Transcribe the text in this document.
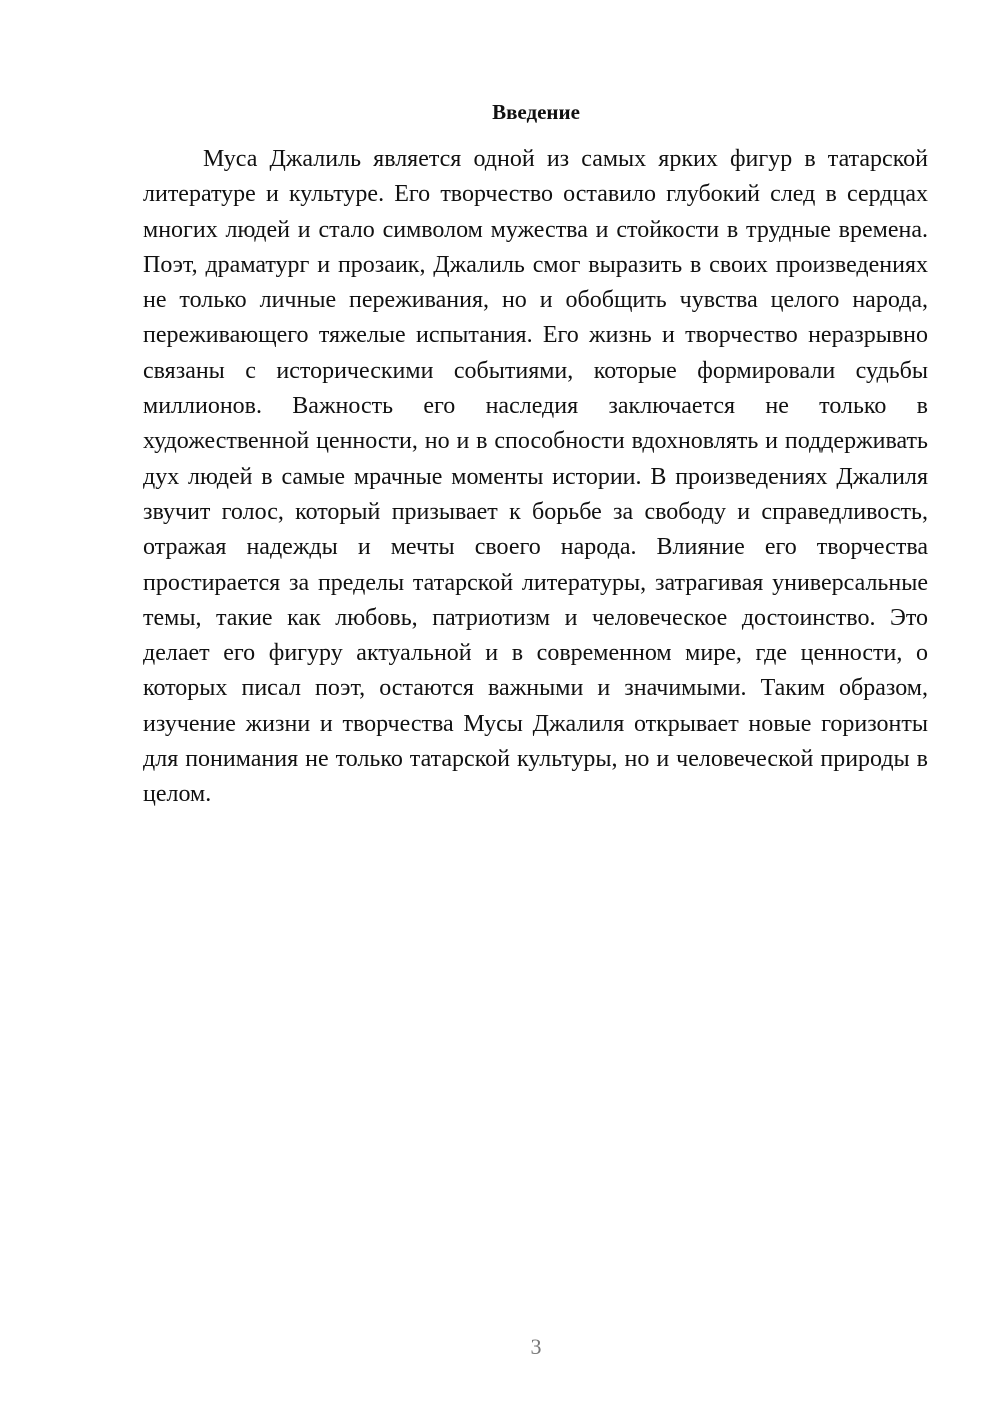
Введение

Муса Джалиль является одной из самых ярких фигур в татарской литературе и культуре. Его творчество оставило глубокий след в сердцах многих людей и стало символом мужества и стойкости в трудные времена. Поэт, драматург и прозаик, Джалиль смог выразить в своих произведениях не только личные переживания, но и обобщить чувства целого народа, переживающего тяжелые испытания. Его жизнь и творчество неразрывно связаны с историческими событиями, которые формировали судьбы миллионов. Важность его наследия заключается не только в художественной ценности, но и в способности вдохновлять и поддерживать дух людей в самые мрачные моменты истории. В произведениях Джалиля звучит голос, который призывает к борьбе за свободу и справедливость, отражая надежды и мечты своего народа. Влияние его творчества простирается за пределы татарской литературы, затрагивая универсальные темы, такие как любовь, патриотизм и человеческое достоинство. Это делает его фигуру актуальной и в современном мире, где ценности, о которых писал поэт, остаются важными и значимыми. Таким образом, изучение жизни и творчества Мусы Джалиля открывает новые горизонты для понимания не только татарской культуры, но и человеческой природы в целом.

3
